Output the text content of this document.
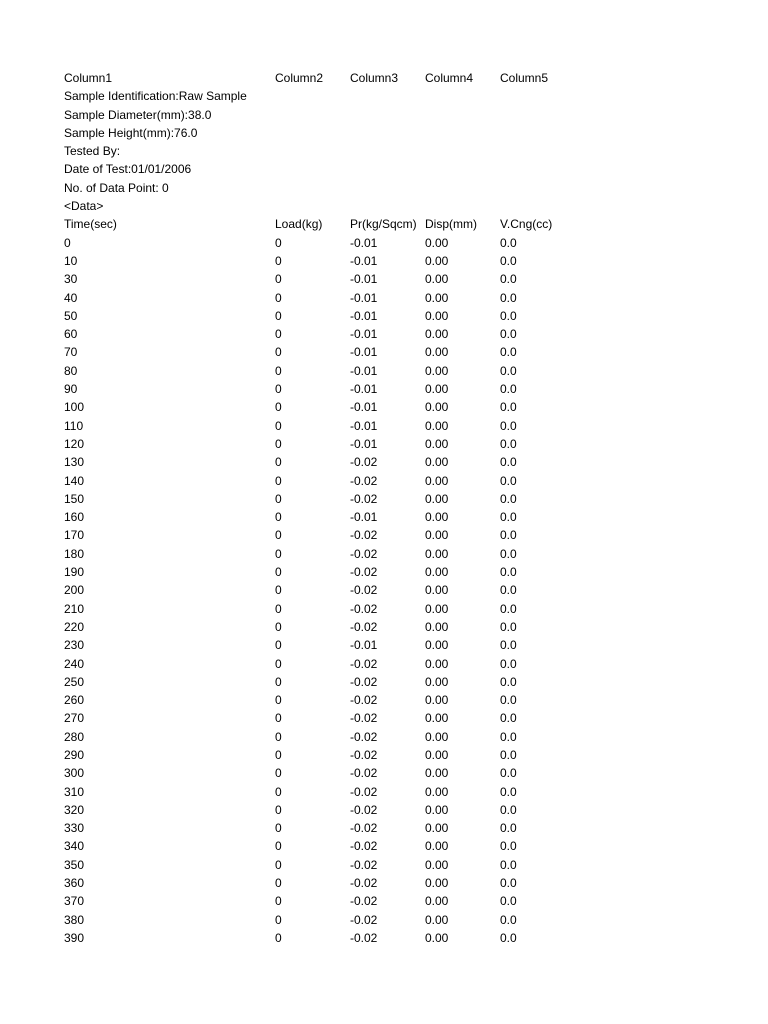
Column1	Column2 Column3 Column4 Column5
Sample Identification:Raw Sample
Sample Diameter(mm):38.0
Sample Height(mm):76.0
Tested By:
Date of Test:01/01/2006
No. of Data Point: 0
<Data>
Time(sec)	Load(kg) Pr(kg/Sqcm) Disp(mm) V.Cng(cc)
0	0	-0.01	0.00	0.0
10	0	-0.01	0.00	0.0
30	0	-0.01	0.00	0.0
40	0	-0.01	0.00	0.0
50	0	-0.01	0.00	0.0
60	0	-0.01	0.00	0.0
70	0	-0.01	0.00	0.0
80	0	-0.01	0.00	0.0
90	0	-0.01	0.00	0.0
100	0	-0.01	0.00	0.0
110	0	-0.01	0.00	0.0
120	0	-0.01	0.00	0.0
130	0	-0.02	0.00	0.0
140	0	-0.02	0.00	0.0
150	0	-0.02	0.00	0.0
160	0	-0.01	0.00	0.0
170	0	-0.02	0.00	0.0
180	0	-0.02	0.00	0.0
190	0	-0.02	0.00	0.0
200	0	-0.02	0.00	0.0
210	0	-0.02	0.00	0.0
220	0	-0.02	0.00	0.0
230	0	-0.01	0.00	0.0
240	0	-0.02	0.00	0.0
250	0	-0.02	0.00	0.0
260	0	-0.02	0.00	0.0
270	0	-0.02	0.00	0.0
280	0	-0.02	0.00	0.0
290	0	-0.02	0.00	0.0
300	0	-0.02	0.00	0.0
310	0	-0.02	0.00	0.0
320	0	-0.02	0.00	0.0
330	0	-0.02	0.00	0.0
340	0	-0.02	0.00	0.0
350	0	-0.02	0.00	0.0
360	0	-0.02	0.00	0.0
370	0	-0.02	0.00	0.0
380	0	-0.02	0.00	0.0
390	0	-0.02	0.00	0.0
